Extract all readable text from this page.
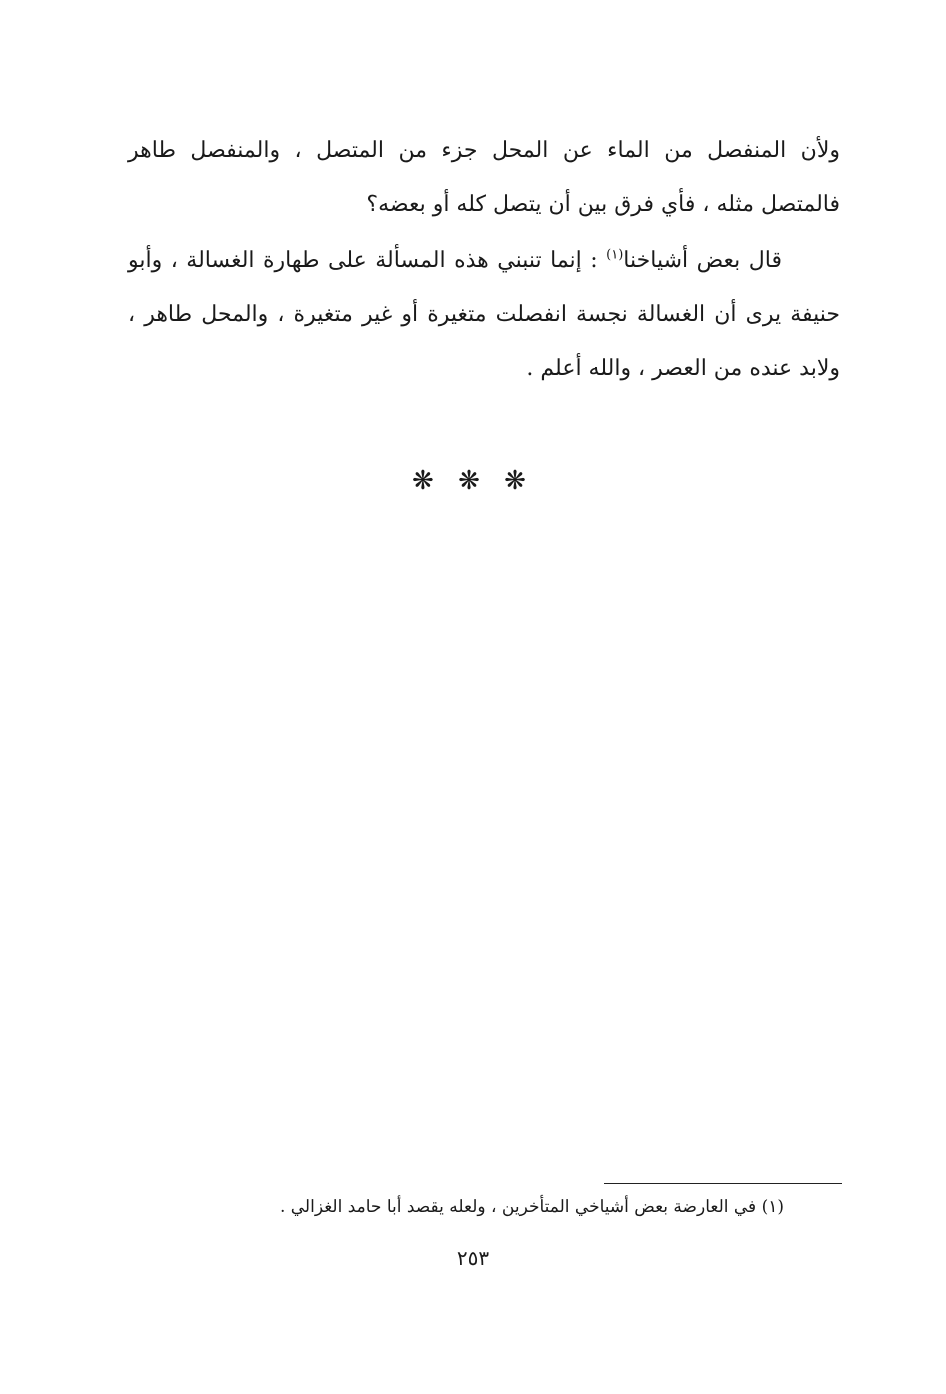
ولأن المنفصل من الماء عن المحل جزء من المتصل ، والمنفصل طاهر فالمتصل مثله ، فأي فرق بين أن يتصل كله أو بعضه؟

قال بعض أشياخنا$^{(١)}$ : إنما تنبني هذه المسألة على طهارة الغسالة ، وأبو حنيفة يرى أن الغسالة نجسة انفصلت متغيرة أو غير متغيرة ، والمحل طاهر ، ولابد عنده من العصر ، والله أعلم .

❋ ❋ ❋
(١) في العارضة بعض أشياخي المتأخرين ، ولعله يقصد أبا حامد الغزالي .
٢٥٣
